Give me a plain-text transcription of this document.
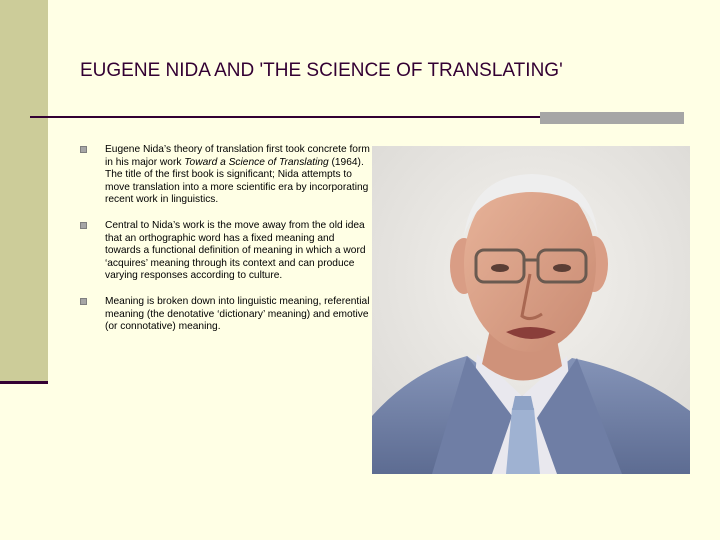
EUGENE NIDA AND 'THE SCIENCE OF TRANSLATING'
Eugene Nida’s theory of translation first took concrete form in his major work Toward a Science of Translating (1964). The title of the first book is significant; Nida attempts to move translation into a more scientific era by incorporating recent work in linguistics.
Central to Nida’s work is the move away from the old idea that an orthographic word has a fixed meaning and towards a functional definition of meaning in which a word ‘acquires’ meaning through its context and can produce varying responses according to culture.
Meaning is broken down into linguistic meaning, referential meaning (the denotative ‘dictionary’ meaning) and emotive (or connotative) meaning.
